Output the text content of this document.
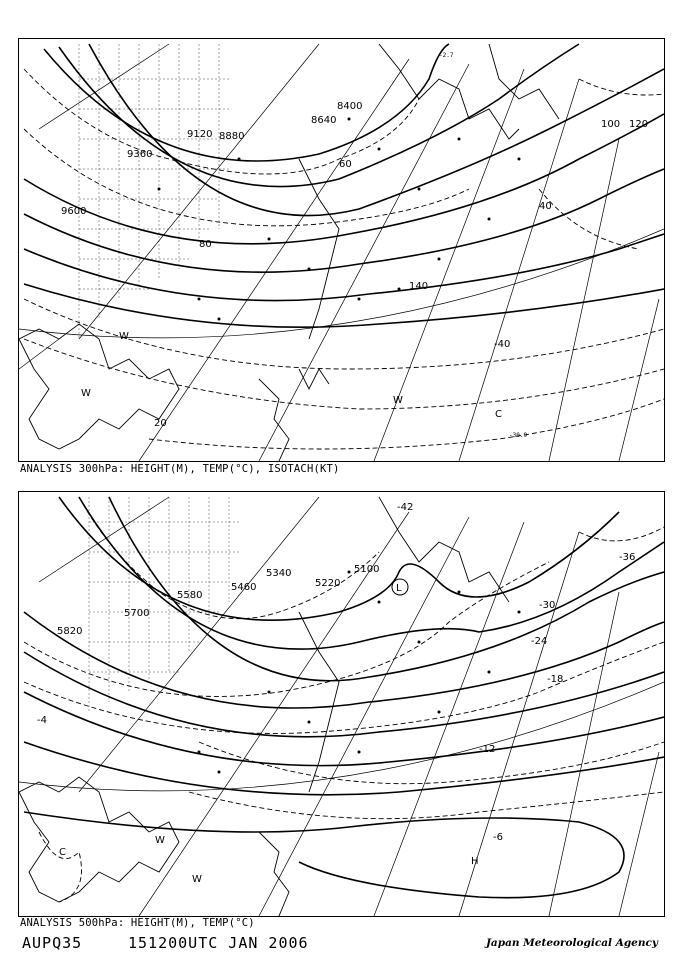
8400
8640
8880
9120
9360
9600
20
40
60
80
100 120
140
-40
-30.9
-2.7
W
W
W
C
ANALYSIS 300hPa: HEIGHT(M), TEMP(°C), ISOTACH(KT)
5100
5220
5340
5460
5580
5700
5820
-42
-36
-30
-24
-18
-12
-6
-4
L
C
W
W
H
ANALYSIS 500hPa: HEIGHT(M), TEMP(°C)
AUPQ35	151200UTC JAN 2006	Japan Meteorological Agency
